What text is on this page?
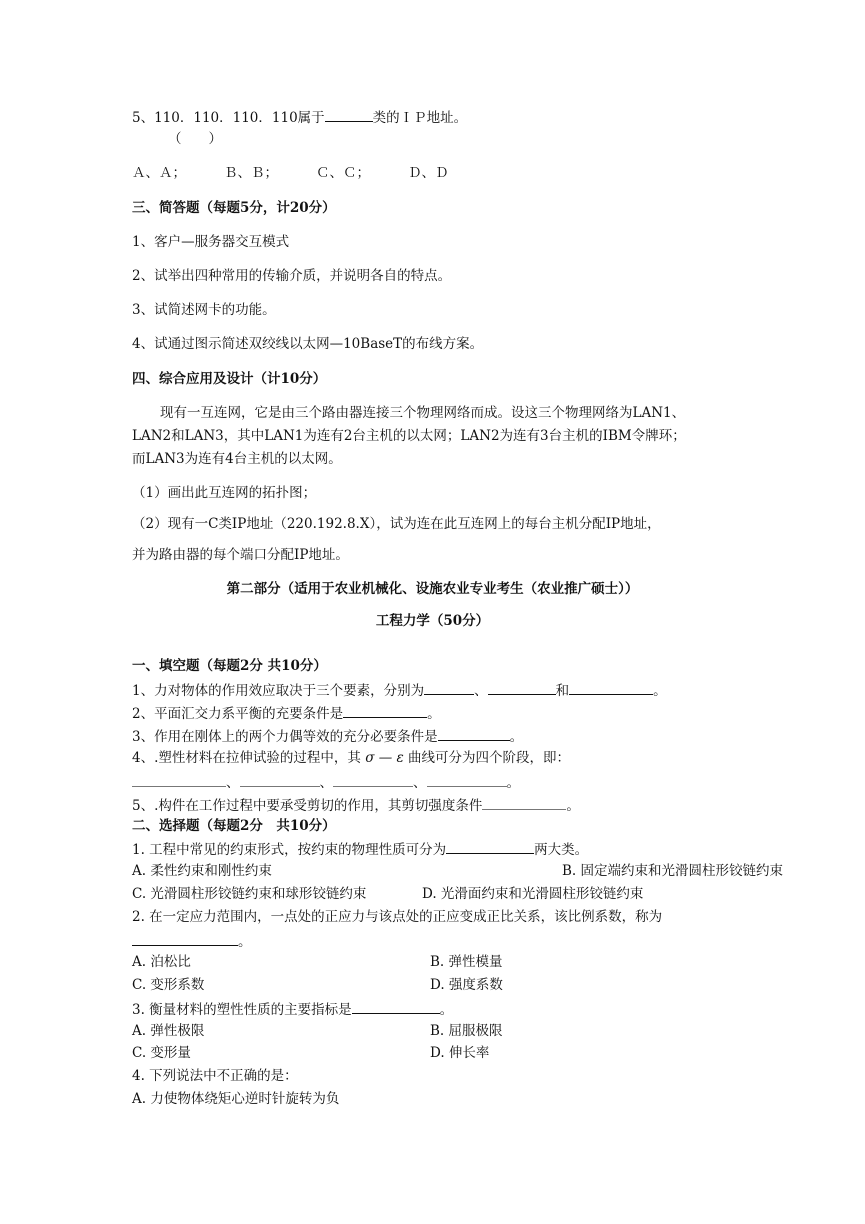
5、110．110．110．110属于	类的ＩＰ地址。
（　　）
Ａ、Ａ；	Ｂ、Ｂ；	Ｃ、Ｃ；	Ｄ、Ｄ
三、简答题（每题5分，计20分）
1、客户—服务器交互模式
2、试举出四种常用的传输介质，并说明各自的特点。
3、试简述网卡的功能。
4、试通过图示简述双绞线以太网—10BaseT的布线方案。
四、综合应用及设计（计10分）
现有一互连网，它是由三个路由器连接三个物理网络而成。设这三个物理网络为LAN1、
LAN2和LAN3，其中LAN1为连有2台主机的以太网；LAN2为连有3台主机的IBM令牌环；
而LAN3为连有4台主机的以太网。
（1）画出此互连网的拓扑图；
（2）现有一C类IP地址（220.192.8.X），试为连在此互连网上的每台主机分配IP地址，
并为路由器的每个端口分配IP地址。
第二部分（适用于农业机械化、设施农业专业考生（农业推广硕士））
工程力学（50分）
一、填空题（每题2分 共10分）
1、力对物体的作用效应取决于三个要素，分别为	、	和	。
2、平面汇交力系平衡的充要条件是	。
3、作用在刚体上的两个力偶等效的充分必要条件是	。
4、.塑性材料在拉伸试验的过程中，其 σ — ε 曲线可分为四个阶段，即：
、	、	、	。
5、.构件在工作过程中要承受剪切的作用，其剪切强度条件	。
二、选择题（每题2分　共10分）
1. 工程中常见的约束形式，按约束的物理性质可分为	两大类。
A. 柔性约束和刚性约束	B. 固定端约束和光滑圆柱形铰链约束
C. 光滑圆柱形铰链约束和球形铰链约束	D. 光滑面约束和光滑圆柱形铰链约束
2. 在一定应力范围内，一点处的正应力与该点处的正应变成正比关系，该比例系数，称为
。
A. 泊松比	B. 弹性模量
C. 变形系数	D. 强度系数
3. 衡量材料的塑性性质的主要指标是	。
A. 弹性极限	B. 屈服极限
C. 变形量	D. 伸长率
4. 下列说法中不正确的是：
A. 力使物体绕矩心逆时针旋转为负
